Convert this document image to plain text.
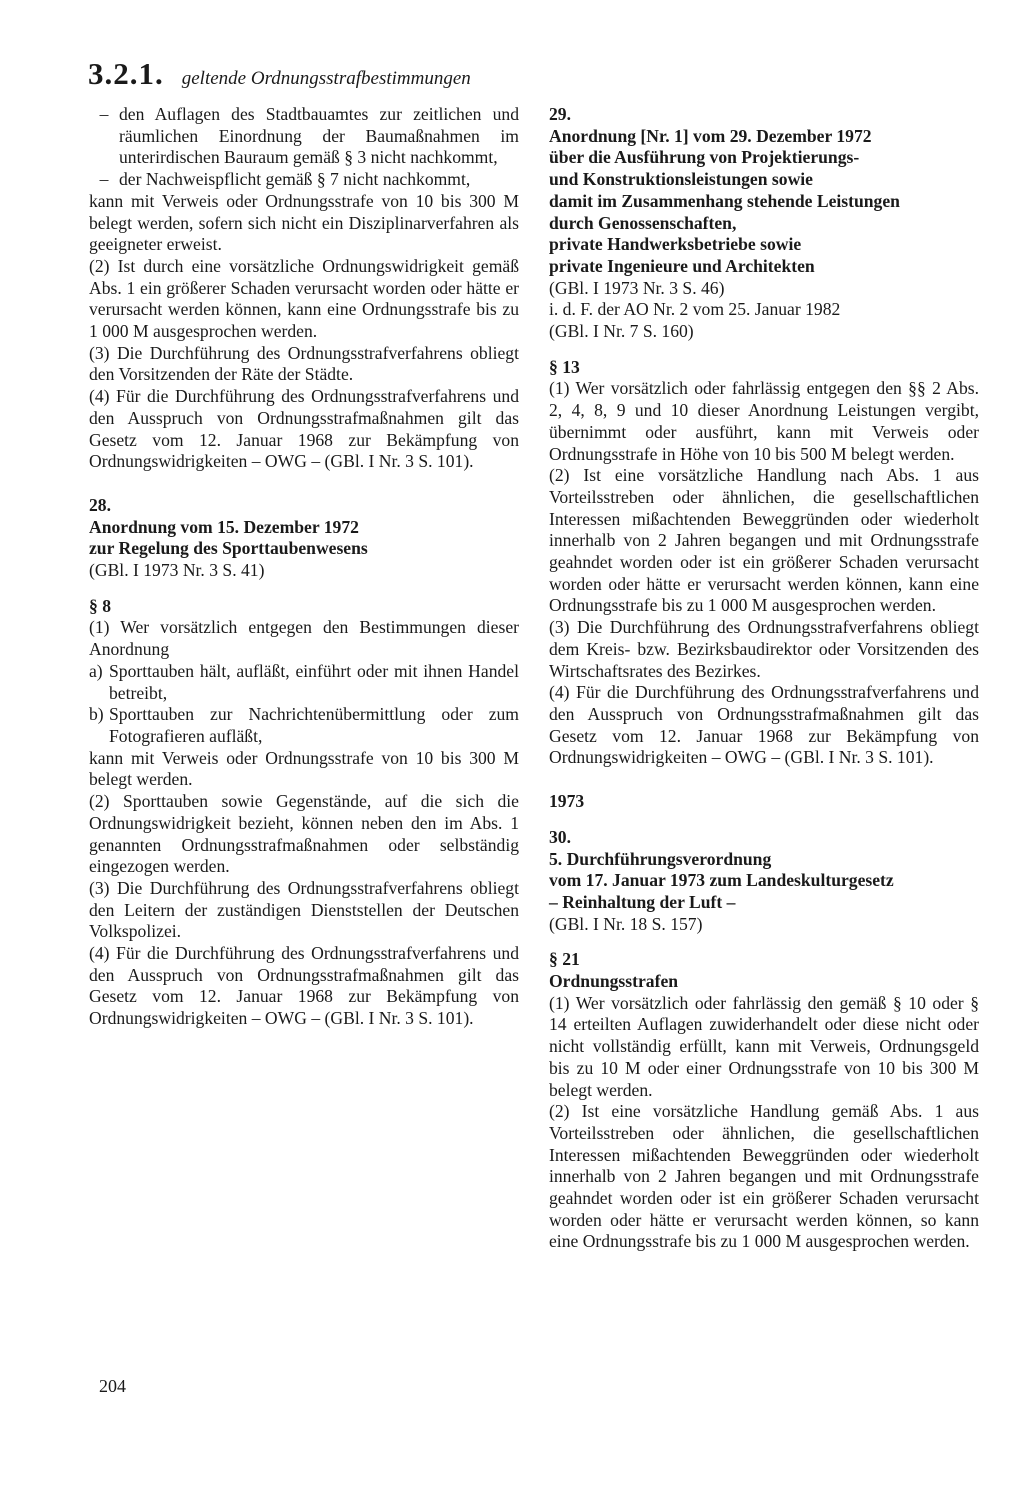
3.2.1. geltende Ordnungsstrafbestimmungen
– den Auflagen des Stadtbauamtes zur zeitlichen und räumlichen Einordnung der Baumaßnahmen im unterirdischen Bauraum gemäß § 3 nicht nachkommt,
– der Nachweispflicht gemäß § 7 nicht nachkommt,

kann mit Verweis oder Ordnungsstrafe von 10 bis 300 M belegt werden, sofern sich nicht ein Disziplinarverfahren als geeigneter erweist.

(2) Ist durch eine vorsätzliche Ordnungswidrigkeit gemäß Abs. 1 ein größerer Schaden verursacht worden oder hätte er verursacht werden können, kann eine Ordnungsstrafe bis zu 1 000 M ausgesprochen werden.

(3) Die Durchführung des Ordnungsstrafverfahrens obliegt den Vorsitzenden der Räte der Städte.

(4) Für die Durchführung des Ordnungsstrafverfahrens und den Ausspruch von Ordnungsstrafmaßnahmen gilt das Gesetz vom 12. Januar 1968 zur Bekämpfung von Ordnungswidrigkeiten – OWG – (GBl. I Nr. 3 S. 101).

28.

Anordnung vom 15. Dezember 1972

zur Regelung des Sporttaubenwesens

(GBl. I 1973 Nr. 3 S. 41)

§ 8

(1) Wer vorsätzlich entgegen den Bestimmungen dieser Anordnung

a) Sporttauben hält, aufläßt, einführt oder mit ihnen Handel betreibt,
b) Sporttauben zur Nachrichtenübermittlung oder zum Fotografieren aufläßt,

kann mit Verweis oder Ordnungsstrafe von 10 bis 300 M belegt werden.

(2) Sporttauben sowie Gegenstände, auf die sich die Ordnungswidrigkeit bezieht, können neben den im Abs. 1 genannten Ordnungsstrafmaßnahmen oder selbständig eingezogen werden.

(3) Die Durchführung des Ordnungsstrafverfahrens obliegt den Leitern der zuständigen Dienststellen der Deutschen Volkspolizei.

(4) Für die Durchführung des Ordnungsstrafverfahrens und den Ausspruch von Ordnungsstrafmaßnahmen gilt das Gesetz vom 12. Januar 1968 zur Bekämpfung von Ordnungswidrigkeiten – OWG – (GBl. I Nr. 3 S. 101).

29.

Anordnung [Nr. 1] vom 29. Dezember 1972

über die Ausführung von Projektierungs-

und Konstruktionsleistungen sowie

damit im Zusammenhang stehende Leistungen

durch Genossenschaften,

private Handwerksbetriebe sowie

private Ingenieure und Architekten

(GBl. I 1973 Nr. 3 S. 46)

i. d. F. der AO Nr. 2 vom 25. Januar 1982

(GBl. I Nr. 7 S. 160)

§ 13

(1) Wer vorsätzlich oder fahrlässig entgegen den §§ 2 Abs. 2, 4, 8, 9 und 10 dieser Anordnung Leistungen vergibt, übernimmt oder ausführt, kann mit Verweis oder Ordnungsstrafe in Höhe von 10 bis 500 M belegt werden.

(2) Ist eine vorsätzliche Handlung nach Abs. 1 aus Vorteilsstreben oder ähnlichen, die gesellschaftlichen Interessen mißachtenden Beweggründen oder wiederholt innerhalb von 2 Jahren begangen und mit Ordnungsstrafe geahndet worden oder ist ein größerer Schaden verursacht worden oder hätte er verursacht werden können, kann eine Ordnungsstrafe bis zu 1 000 M ausgesprochen werden.

(3) Die Durchführung des Ordnungsstrafverfahrens obliegt dem Kreis- bzw. Bezirksbaudirektor oder Vorsitzenden des Wirtschaftsrates des Bezirkes.

(4) Für die Durchführung des Ordnungsstrafverfahrens und den Ausspruch von Ordnungsstrafmaßnahmen gilt das Gesetz vom 12. Januar 1968 zur Bekämpfung von Ordnungswidrigkeiten – OWG – (GBl. I Nr. 3 S. 101).

1973

30.

5. Durchführungsverordnung

vom 17. Januar 1973 zum Landeskulturgesetz

– Reinhaltung der Luft –

(GBl. I Nr. 18 S. 157)

§ 21

Ordnungsstrafen

(1) Wer vorsätzlich oder fahrlässig den gemäß § 10 oder § 14 erteilten Auflagen zuwiderhandelt oder diese nicht oder nicht vollständig erfüllt, kann mit Verweis, Ordnungsgeld bis zu 10 M oder einer Ordnungsstrafe von 10 bis 300 M belegt werden.

(2) Ist eine vorsätzliche Handlung gemäß Abs. 1 aus Vorteilsstreben oder ähnlichen, die gesellschaftlichen Interessen mißachtenden Beweggründen oder wiederholt innerhalb von 2 Jahren begangen und mit Ordnungsstrafe geahndet worden oder ist ein größerer Schaden verursacht worden oder hätte er verursacht werden können, so kann eine Ordnungsstrafe bis zu 1 000 M ausgesprochen werden.

204
